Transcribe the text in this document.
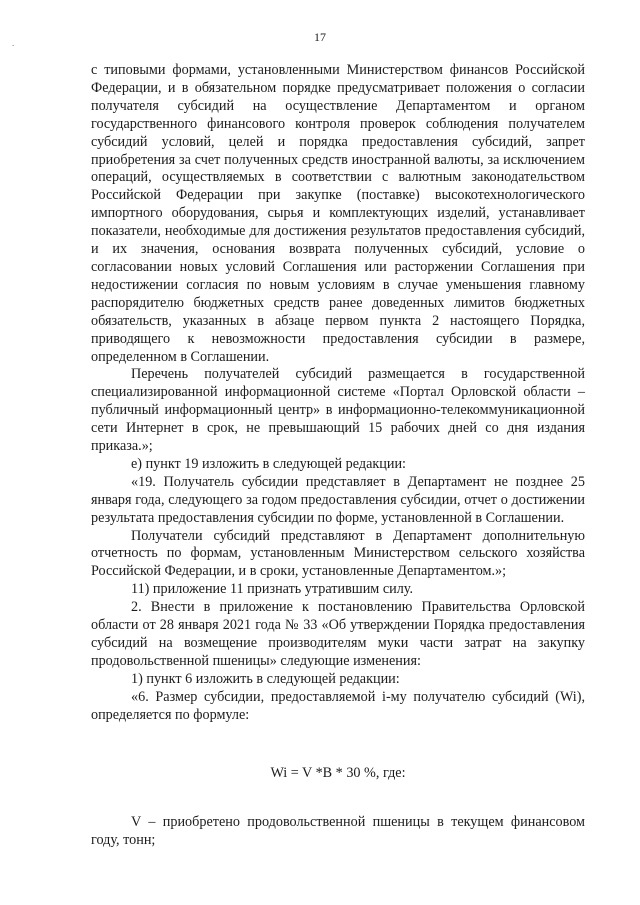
17
.

с типовыми формами, установленными Министерством финансов Российской Федерации, и в обязательном порядке предусматривает положения о согласии получателя субсидий на осуществление Департаментом и органом государственного финансового контроля проверок соблюдения получателем субсидий условий, целей и порядка предоставления субсидий, запрет приобретения за счет полученных средств иностранной валюты, за исключением операций, осуществляемых в соответствии с валютным законодательством Российской Федерации при закупке (поставке) высокотехнологического импортного оборудования, сырья и комплектующих изделий, устанавливает показатели, необходимые для достижения результатов предоставления субсидий, и их значения, основания возврата полученных субсидий, условие о согласовании новых условий Соглашения или расторжении Соглашения при недостижении согласия по новым условиям в случае уменьшения главному распорядителю бюджетных средств ранее доведенных лимитов бюджетных обязательств, указанных в абзаце первом пункта 2 настоящего Порядка, приводящего к невозможности предоставления субсидии в размере, определенном в Соглашении.

Перечень получателей субсидий размещается в государственной специализированной информационной системе «Портал Орловской области – публичный информационный центр» в информационно-телекоммуникационной сети Интернет в срок, не превышающий 15 рабочих дней со дня издания приказа.»;

е) пункт 19 изложить в следующей редакции:

«19. Получатель субсидии представляет в Департамент не позднее 25 января года, следующего за годом предоставления субсидии, отчет о достижении результата предоставления субсидии по форме, установленной в Соглашении.

Получатели субсидий представляют в Департамент дополнительную отчетность по формам, установленным Министерством сельского хозяйства Российской Федерации, и в сроки, установленные Департаментом.»;

11) приложение 11 признать утратившим силу.

2. Внести в приложение к постановлению Правительства Орловской области от 28 января 2021 года № 33 «Об утверждении Порядка предоставления субсидий на возмещение производителям муки части затрат на закупку продовольственной пшеницы» следующие изменения:

1) пункт 6 изложить в следующей редакции:

«6. Размер субсидии, предоставляемой i-му получателю субсидий (Wi), определяется по формуле:

Wi = V *B * 30 %, где:

V – приобретено продовольственной пшеницы в текущем финансовом году, тонн;
